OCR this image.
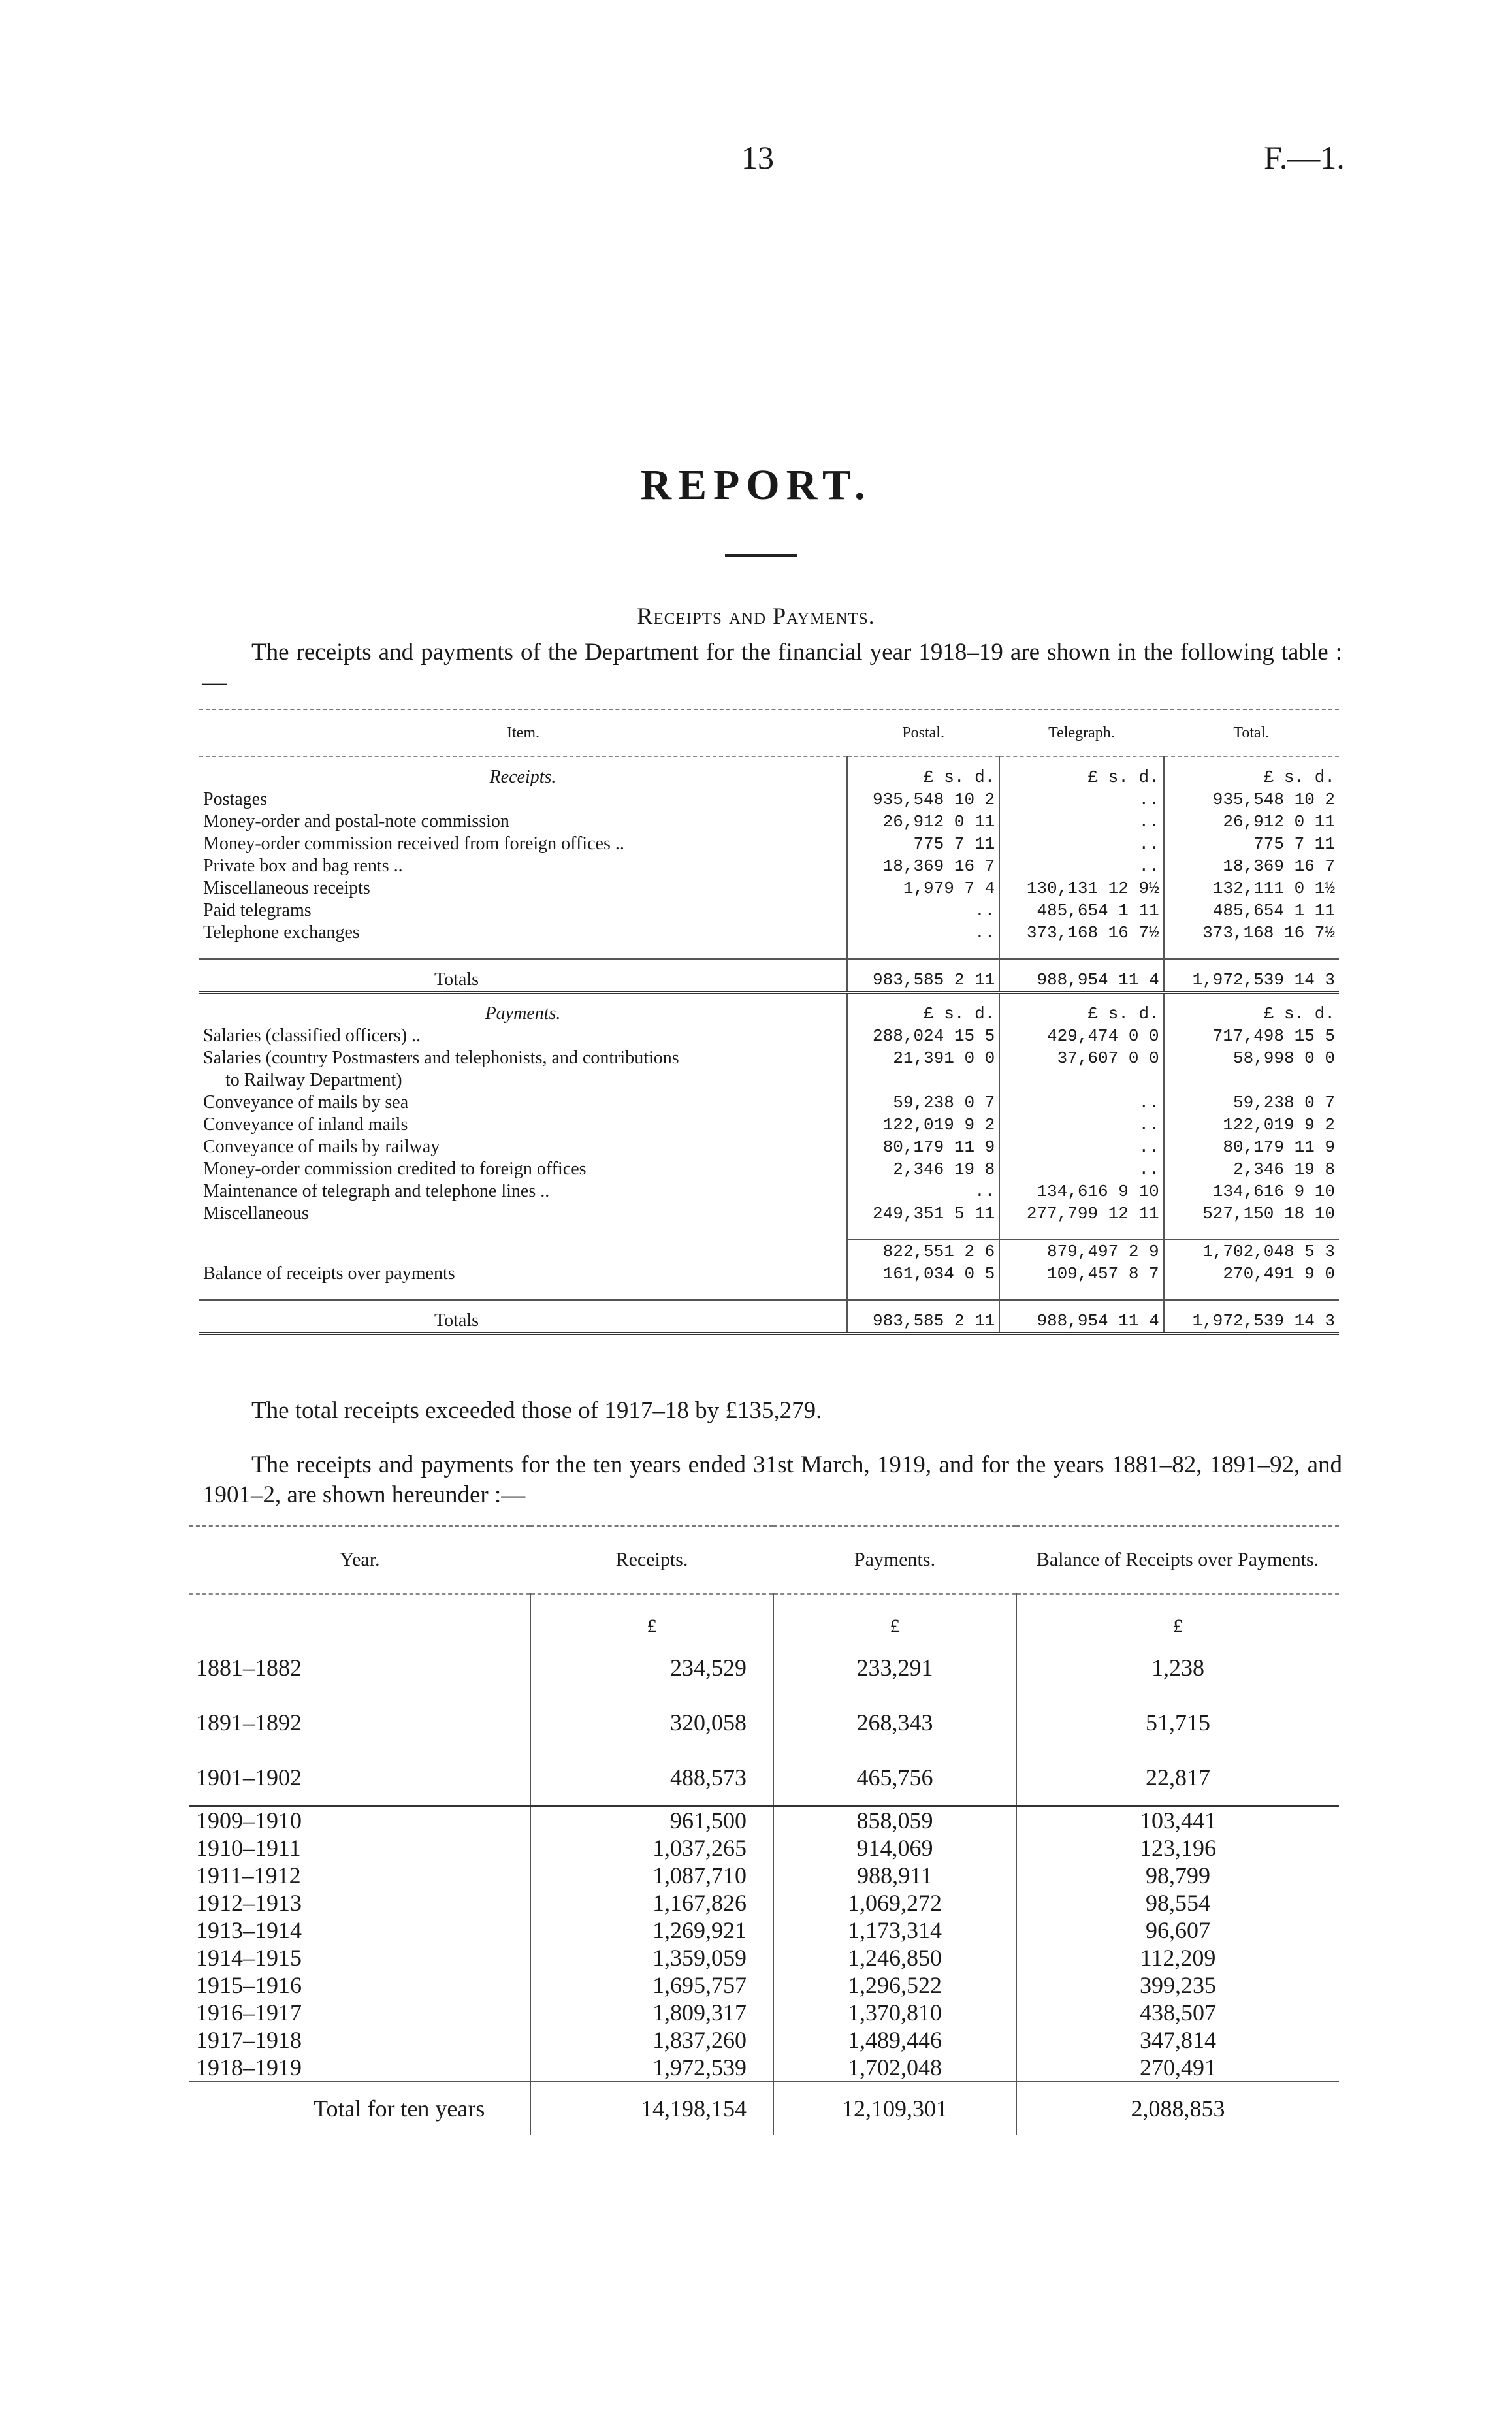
13	F.—1.
REPORT.
Receipts and Payments.
The receipts and payments of the Department for the financial year 1918–19 are shown in the following table :—
Item.	Postal.	Telegraph.	Total.
Receipts.	£ s. d.	£ s. d.	£ s. d.
Postages	935,548 10 2	..	935,548 10 2
Money-order and postal-note commission	26,912 0 11	..	26,912 0 11
Money-order commission received from foreign offices ..	775 7 11	..	775 7 11
Private box and bag rents ..	18,369 16 7	..	18,369 16 7
Miscellaneous receipts	1,979 7 4	130,131 12 9½	132,111 0 1½
Paid telegrams	..	485,654 1 11	485,654 1 11
Telephone exchanges	..	373,168 16 7½	373,168 16 7½

Totals	983,585 2 11	988,954 11 4	1,972,539 14 3
Payments.	£ s. d.	£ s. d.	£ s. d.
Salaries (classified officers) ..	288,024 15 5	429,474 0 0	717,498 15 5
Salaries (country Postmasters and telephonists, and contributions	21,391 0 0	37,607 0 0	58,998 0 0
to Railway Department)			
Conveyance of mails by sea	59,238 0 7	..	59,238 0 7
Conveyance of inland mails	122,019 9 2	..	122,019 9 2
Conveyance of mails by railway	80,179 11 9	..	80,179 11 9
Money-order commission credited to foreign offices	2,346 19 8	..	2,346 19 8
Maintenance of telegraph and telephone lines ..	..	134,616 9 10	134,616 9 10
Miscellaneous	249,351 5 11	277,799 12 11	527,150 18 10

	822,551 2 6	879,497 2 9	1,702,048 5 3
Balance of receipts over payments	161,034 0 5	109,457 8 7	270,491 9 0

Totals	983,585 2 11	988,954 11 4	1,972,539 14 3
The total receipts exceeded those of 1917–18 by £135,279.
The receipts and payments for the ten years ended 31st March, 1919, and for the years 1881–82, 1891–92, and 1901–2, are shown hereunder :—
Year.	Receipts.	Payments.	Balance of Receipts over Payments.
	£	£	£
1881–1882	234,529	233,291	1,238
1891–1892	320,058	268,343	51,715
1901–1902	488,573	465,756	22,817
1909–1910	961,500	858,059	103,441
1910–1911	1,037,265	914,069	123,196
1911–1912	1,087,710	988,911	98,799
1912–1913	1,167,826	1,069,272	98,554
1913–1914	1,269,921	1,173,314	96,607
1914–1915	1,359,059	1,246,850	112,209
1915–1916	1,695,757	1,296,522	399,235
1916–1917	1,809,317	1,370,810	438,507
1917–1918	1,837,260	1,489,446	347,814
1918–1919	1,972,539	1,702,048	270,491
Total for ten years	14,198,154	12,109,301	2,088,853
